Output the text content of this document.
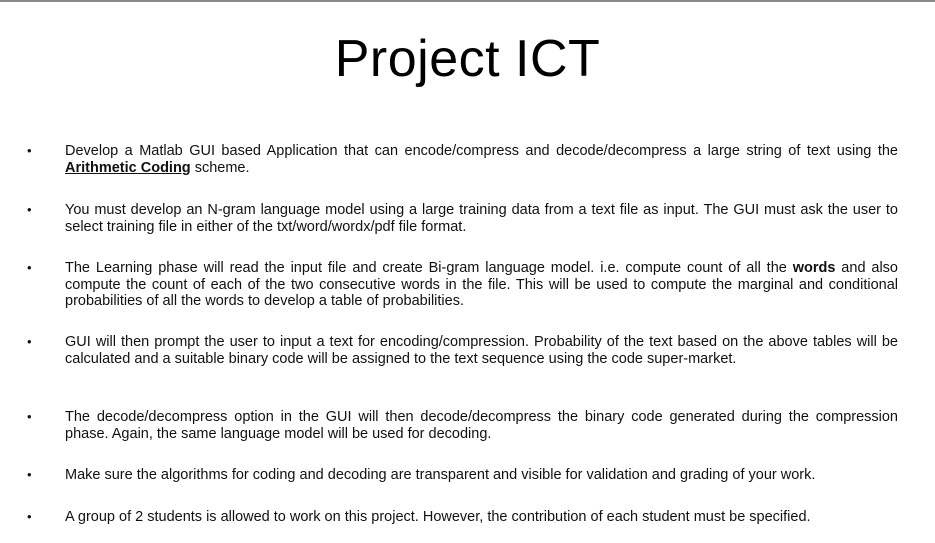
Project ICT
• Develop a Matlab GUI based Application that can encode/compress and decode/decompress a large string of text using the Arithmetic Coding scheme.
• You must develop an N-gram language model using a large training data from a text file as input. The GUI must ask the user to select training file in either of the txt/word/wordx/pdf file format.
• The Learning phase will read the input file and create Bi-gram language model. i.e. compute count of all the words and also compute the count of each of the two consecutive words in the file. This will be used to compute the marginal and conditional probabilities of all the words to develop a table of probabilities.
• GUI will then prompt the user to input a text for encoding/compression. Probability of the text based on the above tables will be calculated and a suitable binary code will be assigned to the text sequence using the code super-market.
• The decode/decompress option in the GUI will then decode/decompress the binary code generated during the compression phase. Again, the same language model will be used for decoding.
• Make sure the algorithms for coding and decoding are transparent and visible for validation and grading of your work.
• A group of 2 students is allowed to work on this project. However, the contribution of each student must be specified.
